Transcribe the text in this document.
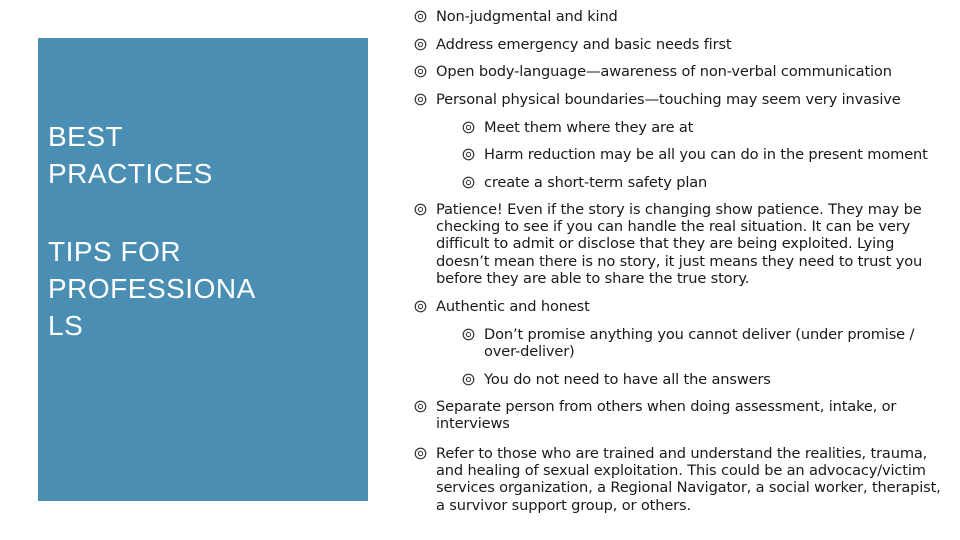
BEST
PRACTICES
TIPS FOR
PROFESSIONA
LS
Non-judgmental and kind
Address emergency and basic needs first
Open body-language—awareness of non-verbal communication
Personal physical boundaries—touching may seem very invasive
Meet them where they are at
Harm reduction may be all you can do in the present moment
create a short-term safety plan
Patience! Even if the story is changing show patience. They may be checking to see if you can handle the real situation. It can be very difficult to admit or disclose that they are being exploited. Lying doesn’t mean there is no story, it just means they need to trust you before they are able to share the true story.
Authentic and honest
Don’t promise anything you cannot deliver (under promise / over-deliver)
You do not need to have all the answers
Separate person from others when doing assessment, intake, or interviews
Refer to those who are trained and understand the realities, trauma, and healing of sexual exploitation. This could be an advocacy/victim services organization, a Regional Navigator, a social worker, therapist, a survivor support group, or others.
